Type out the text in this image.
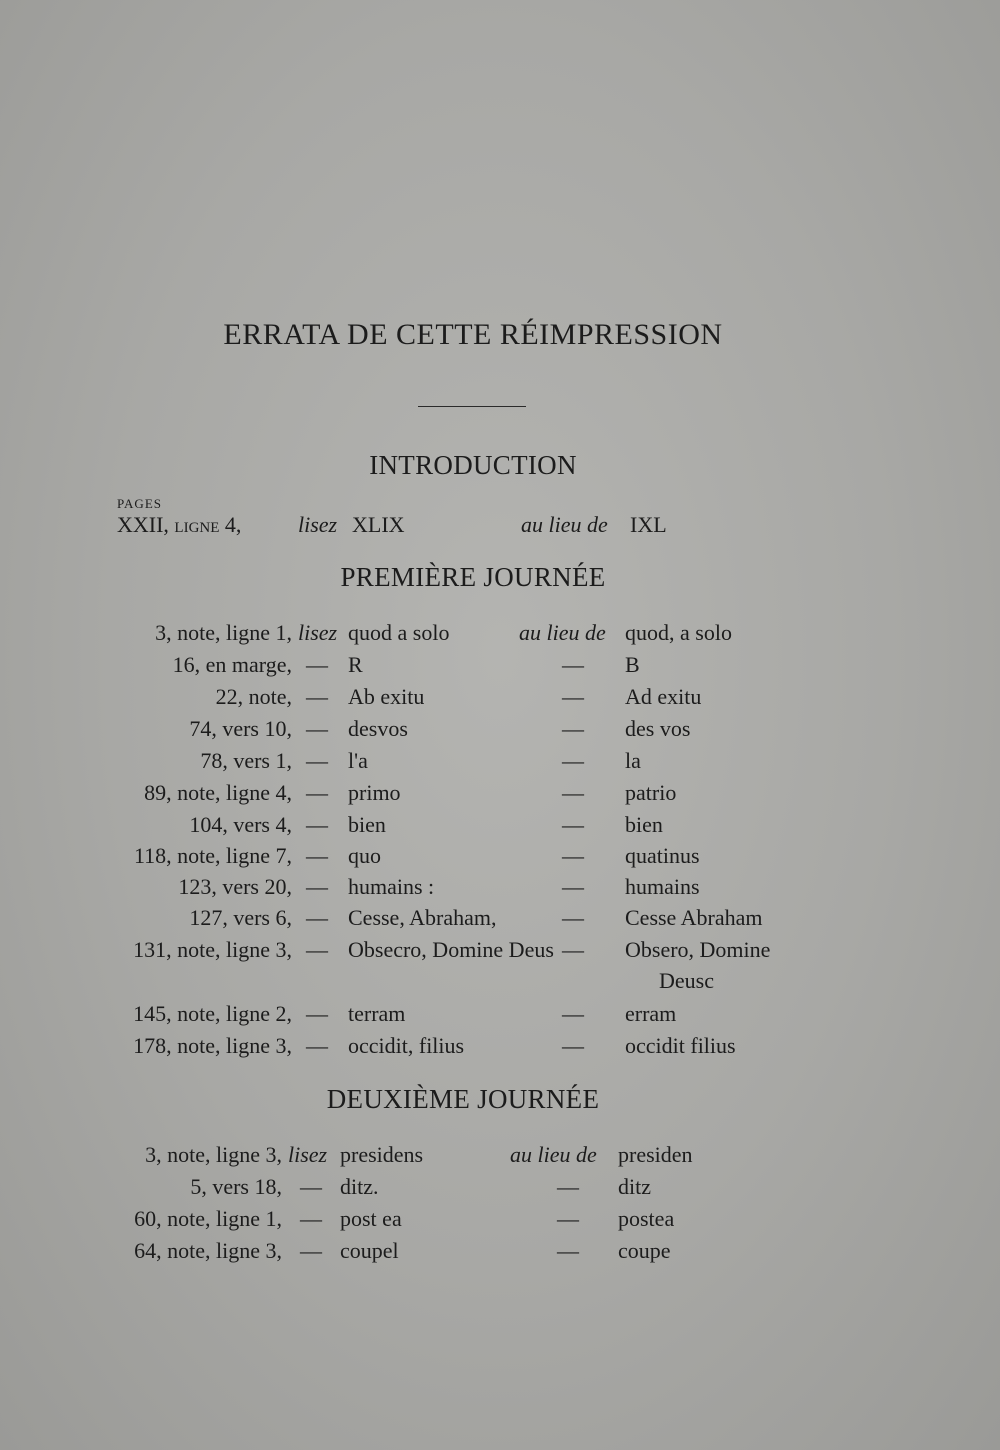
ERRATA DE CETTE RÉIMPRESSION
INTRODUCTION
PAGES
XXII, ligne 4,	lisez XLIX	au lieu de IXL
PREMIÈRE JOURNÉE
3, note, ligne 1, lisez quod a solo	au lieu de quod, a solo
16, en marge, — R	— B
22, note, — Ab exitu	— Ad exitu
74, vers 10, — desvos	— des vos
78, vers 1, — l'a	— la
89, note, ligne 4, — primo	— patrio
104, vers 4, — bien	— bien
118, note, ligne 7, — quo	— quatinus
123, vers 20, — humains :	— humains
127, vers 6, — Cesse, Abraham,	— Cesse Abraham
131, note, ligne 3, — Obsecro, Domine Deus — Obsero, Domine
Deusc
145, note, ligne 2, — terram	— erram
178, note, ligne 3, — occidit, filius	— occidit filius
DEUXIÈME JOURNÉE
3, note, ligne 3, lisez presidens	au lieu de presiden
5, vers 18, — ditz.	— ditz
60, note, ligne 1, — post ea	— postea
64, note, ligne 3, — coupel	— coupe
